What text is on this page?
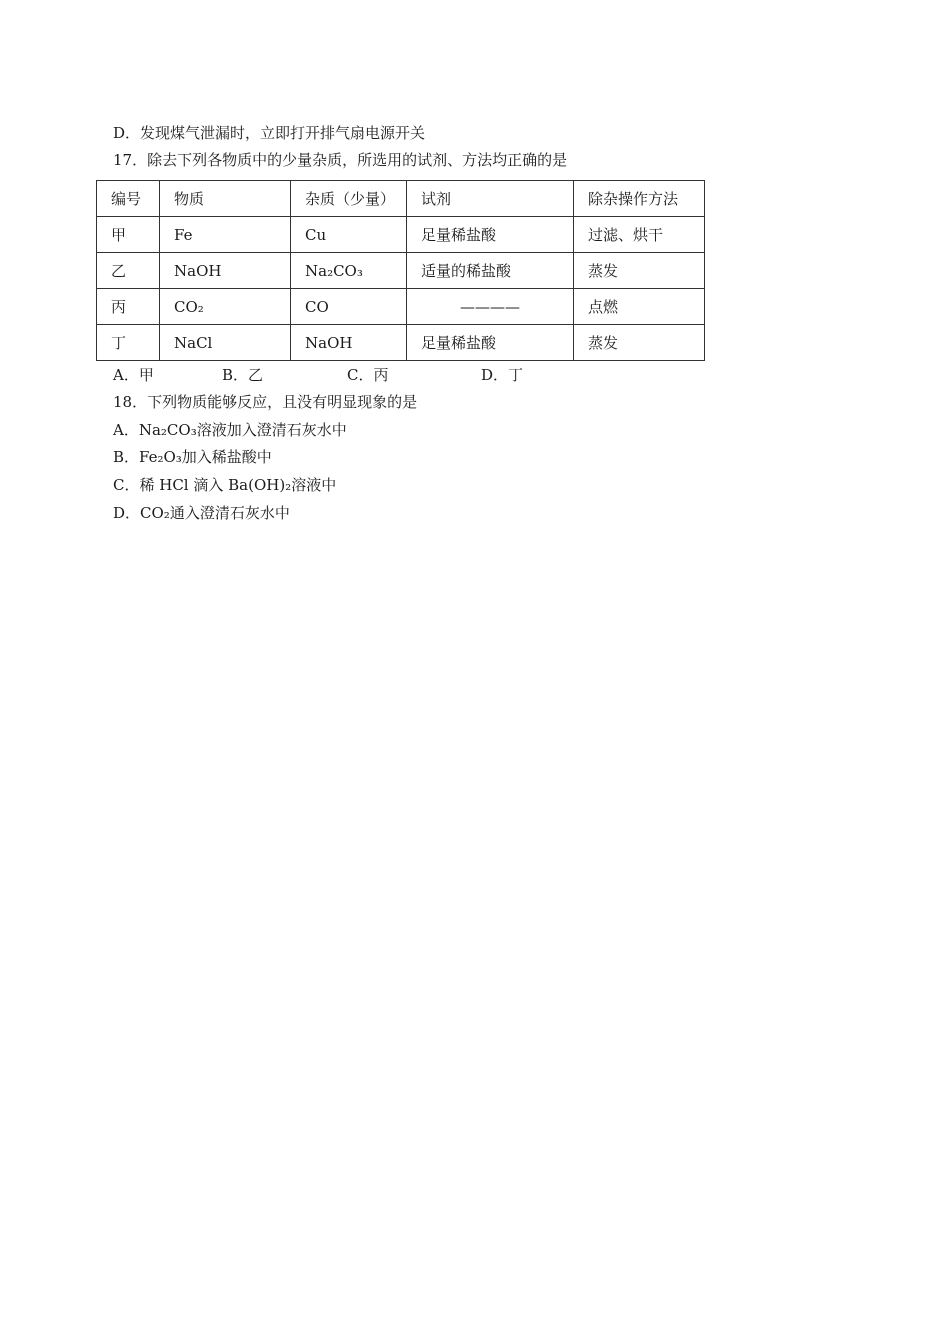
D．发现煤气泄漏时，立即打开排气扇电源开关
17．除去下列各物质中的少量杂质，所选用的试剂、方法均正确的是
编号	物质	杂质（少量）	试剂	除杂操作方法
甲	Fe	Cu	足量稀盐酸	过滤、烘干
乙	NaOH	Na₂CO₃	适量的稀盐酸	蒸发
丙	CO₂	CO	————	点燃
丁	NaCl	NaOH	足量稀盐酸	蒸发
A．甲	B．乙	C．丙	D．丁
18．下列物质能够反应，且没有明显现象的是
A．Na₂CO₃溶液加入澄清石灰水中
B．Fe₂O₃加入稀盐酸中
C．稀 HCl 滴入 Ba(OH)₂溶液中
D．CO₂通入澄清石灰水中
